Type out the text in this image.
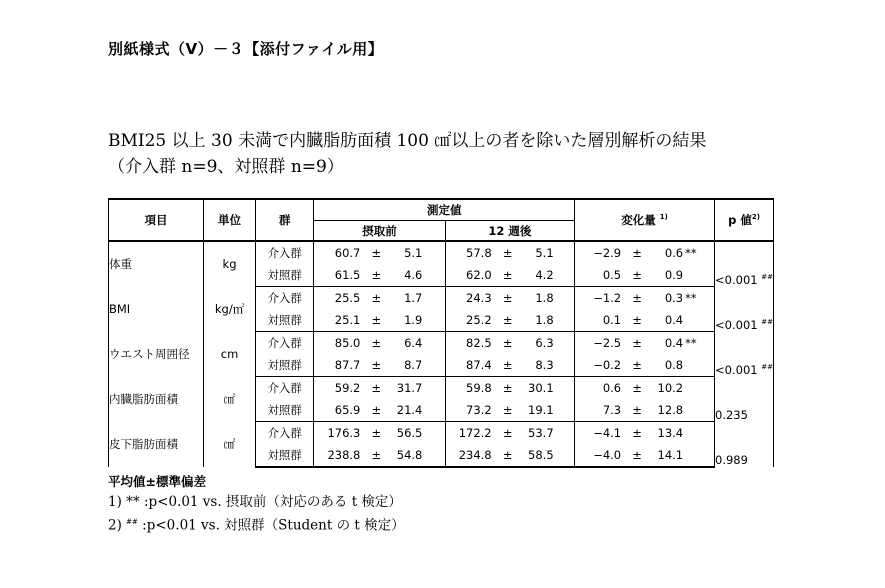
別紙様式（Ⅴ）－３【添付ファイル用】
BMI25 以上 30 未満で内臓脂肪面積 100 ㎠以上の者を除いた層別解析の結果
（介入群 n=9、対照群 n=9）
項目	単位	群	測定値		変化量 $^{1)}$	p 値$^{2)}$
			摂取前	12 週後		
体重	kg	介入群	60.7 ± 5.1	57.8 ± 5.1	−2.9 ± 0.6 **	<0.001 ##
		対照群	61.5 ± 4.6	62.0 ± 4.2	0.5 ± 0.9	

BMI	kg/㎡	介入群	25.5 ± 1.7	24.3 ± 1.8	−1.2 ± 0.3 **	<0.001 ##
		対照群	25.1 ± 1.9	25.2 ± 1.8	0.1 ± 0.4	

ウエスト周囲径	cm	介入群	85.0 ± 6.4	82.5 ± 6.3	−2.5 ± 0.4 **	<0.001 ##
		対照群	87.7 ± 8.7	87.4 ± 8.3	−0.2 ± 0.8	

内臓脂肪面積	㎠	介入群	59.2 ± 31.7	59.8 ± 30.1	0.6 ± 10.2	0.235
		対照群	65.9 ± 21.4	73.2 ± 19.1	7.3 ± 12.8	

皮下脂肪面積	㎠	介入群	176.3 ± 56.5	172.2 ± 53.7	−4.1 ± 13.4	0.989
		対照群	238.8 ± 54.8	234.8 ± 58.5	−4.0 ± 14.1	
平均値±標準偏差
1) ** :p<0.01 vs. 摂取前（対応のある t 検定）
2) ## :p<0.01 vs. 対照群（Student の t 検定）
